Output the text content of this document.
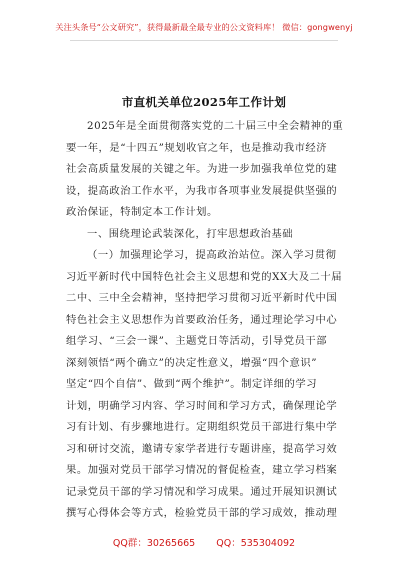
关注头条号“公文研究”，获得最新最全最专业的公文资料库！ 微信：gongwenyj
市直机关单位2025年工作计划
2025年是全面贯彻落实党的二十届三中全会精神的重
要一年，是“十四五”规划收官之年，也是推动我市经济
社会高质量发展的关键之年。为进一步加强我单位党的建
设，提高政治工作水平，为我市各项事业发展提供坚强的
政治保证，特制定本工作计划。
一、围绕理论武装深化，打牢思想政治基础
（一）加强理论学习，提高政治站位。深入学习贯彻
习近平新时代中国特色社会主义思想和党的XX大及二十届
二中、三中全会精神，坚持把学习贯彻习近平新时代中国
特色社会主义思想作为首要政治任务，通过理论学习中心
组学习、“三会一课”、主题党日等活动，引导党员干部
深刻领悟“两个确立”的决定性意义，增强“四个意识”
坚定“四个自信”、做到“两个维护”。制定详细的学习
计划，明确学习内容、学习时间和学习方式，确保理论学
习有计划、有步骤地进行。定期组织党员干部进行集中学
习和研讨交流，邀请专家学者进行专题讲座，提高学习效
果。加强对党员干部学习情况的督促检查，建立学习档案
记录党员干部的学习情况和学习成果。通过开展知识测试
撰写心得体会等方式，检验党员干部的学习成效，推动理
QQ群：30265665 QQ：535304092
